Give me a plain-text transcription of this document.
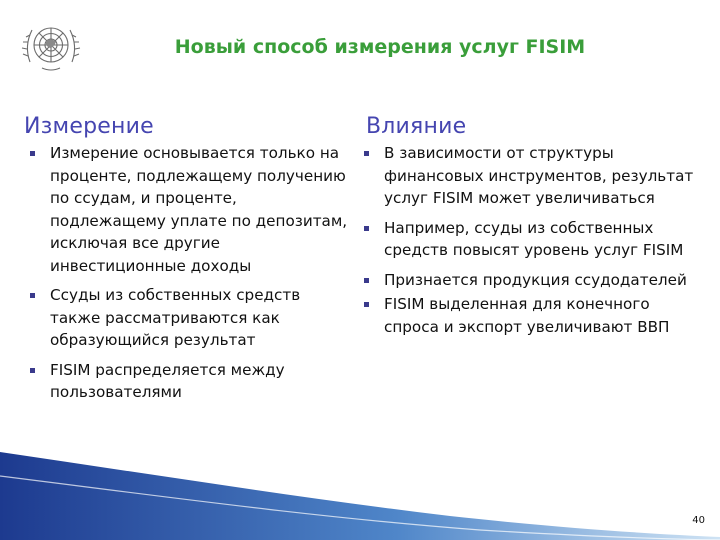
Новый способ измерения услуг FISIM
Измерение
Измерение основывается только на проценте, подлежащему получению по ссудам, и проценте, подлежащему уплате по депозитам, исключая все другие инвестиционные доходы
Ссуды из собственных средств также рассматриваются как образующийся результат
FISIM распределяется между пользователями
Влияние
В зависимости от структуры финансовых инструментов, результат услуг FISIM может увеличиваться
Например, ссуды из собственных средств повысят уровень услуг FISIM
Признается продукция ссудодателей
FISIM выделенная для конечного спроса и экспорт увеличивают ВВП
40
